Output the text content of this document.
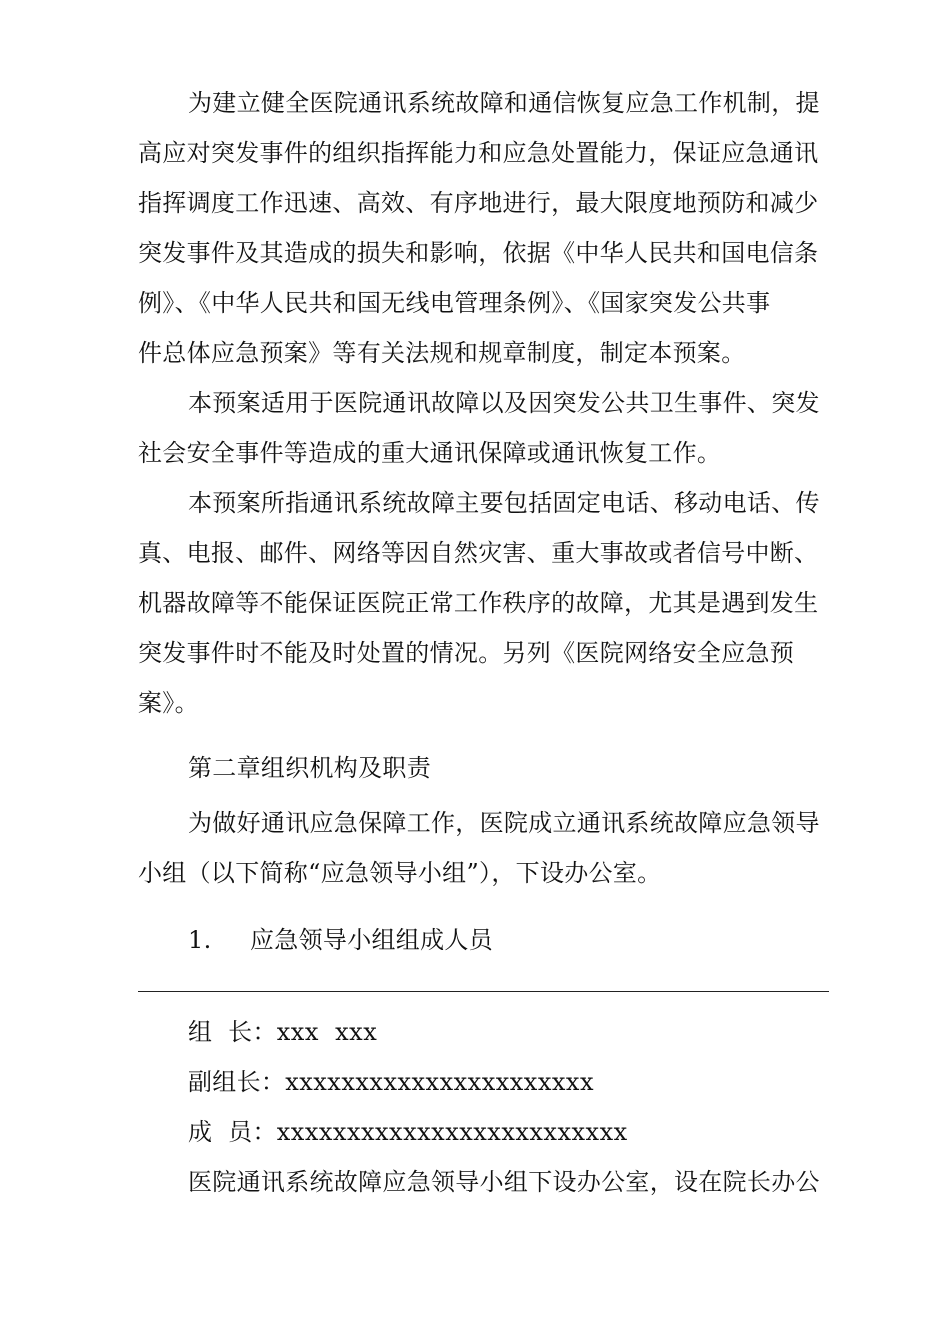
为建立健全医院通讯系统故障和通信恢复应急工作机制，提
高应对突发事件的组织指挥能力和应急处置能力，保证应急通讯
指挥调度工作迅速、高效、有序地进行，最大限度地预防和减少
突发事件及其造成的损失和影响，依据《中华人民共和国电信条
例》、《中华人民共和国无线电管理条例》、《国家突发公共事
件总体应急预案》等有关法规和规章制度，制定本预案。
本预案适用于医院通讯故障以及因突发公共卫生事件、突发
社会安全事件等造成的重大通讯保障或通讯恢复工作。
本预案所指通讯系统故障主要包括固定电话、移动电话、传
真、电报、邮件、网络等因自然灾害、重大事故或者信号中断、
机器故障等不能保证医院正常工作秩序的故障，尤其是遇到发生
突发事件时不能及时处置的情况。另列《医院网络安全应急预
案》。
第二章组织机构及职责
为做好通讯应急保障工作，医院成立通讯系统故障应急领导
小组（以下简称“应急领导小组”），下设办公室。
1. 应急领导小组组成人员
组  长：xxx  xxx
副组长：xxxxxxxxxxxxxxxxxxxxxx
成  员：xxxxxxxxxxxxxxxxxxxxxxxxx
医院通讯系统故障应急领导小组下设办公室，设在院长办公
